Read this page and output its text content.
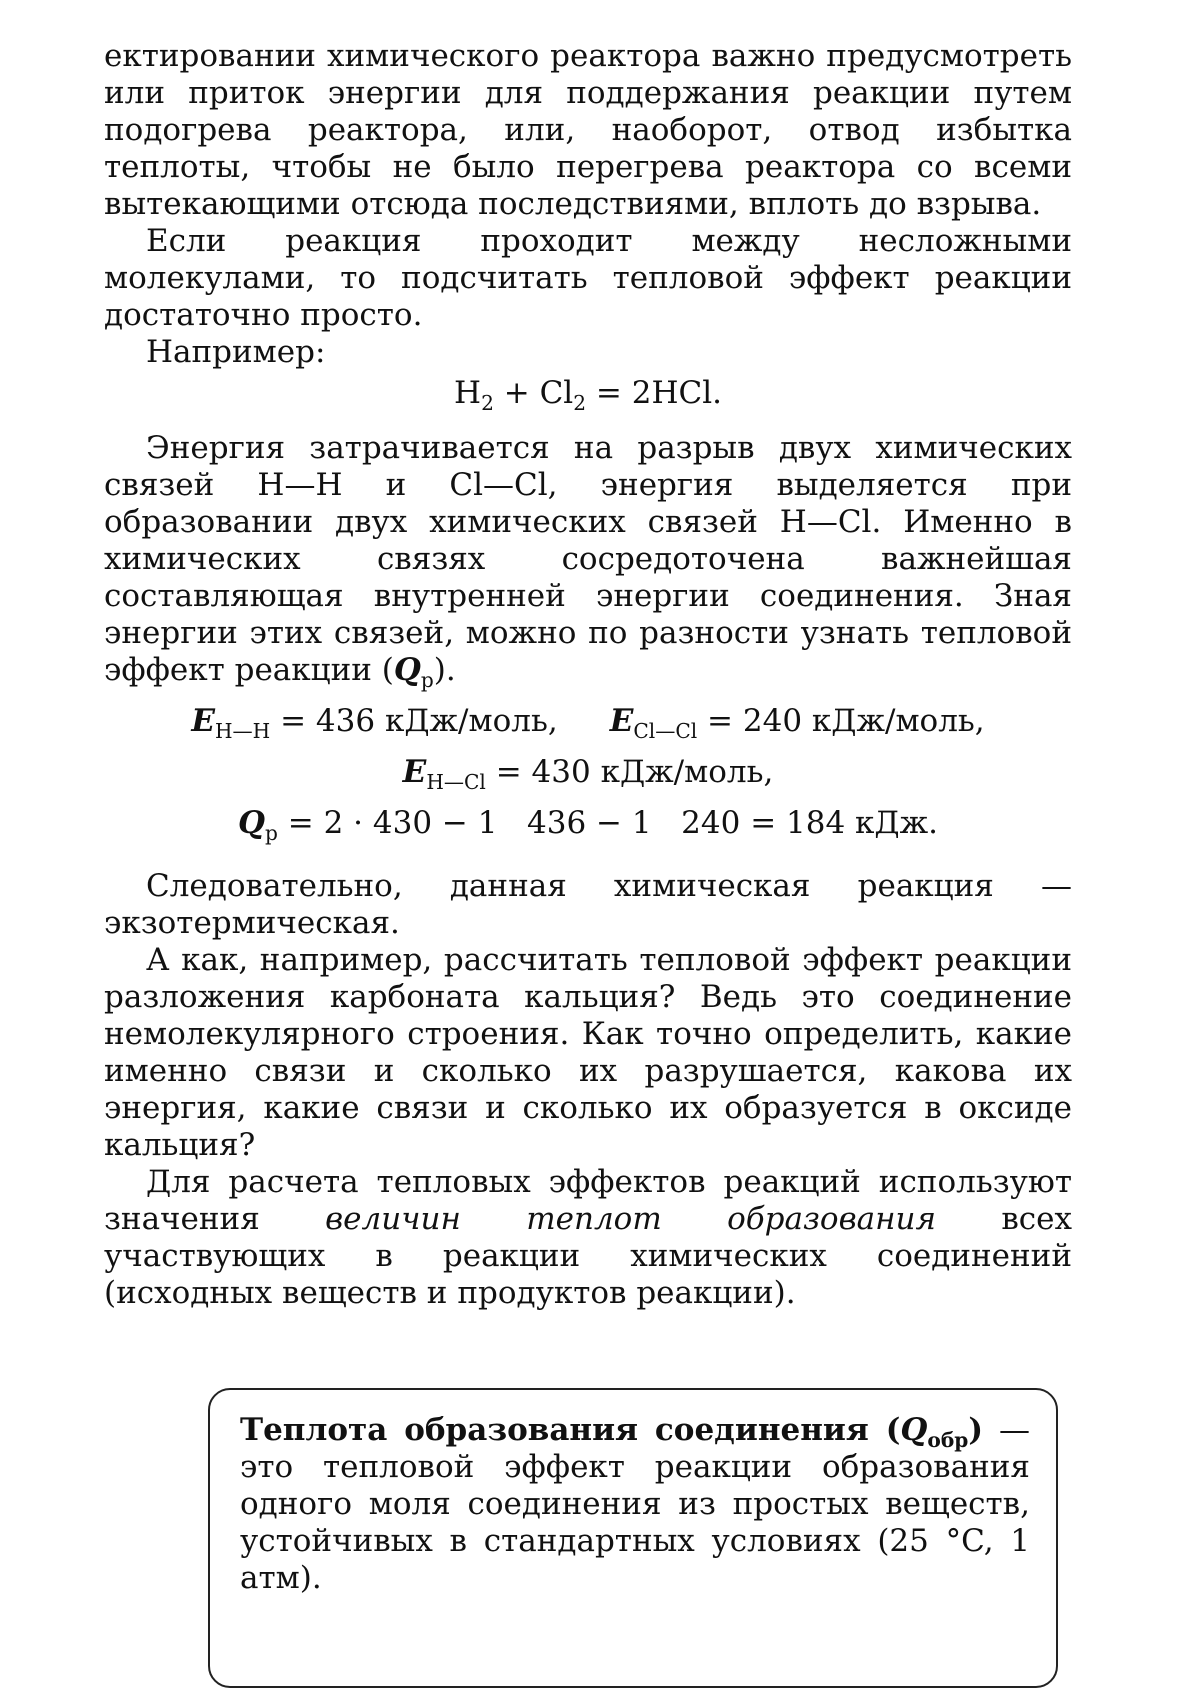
ектировании химического реактора важно предусмотреть или приток энергии для поддержания реакции путем подогрева реактора, или, наоборот, отвод избытка теплоты, чтобы не было перегрева реактора со всеми вытекающими отсюда последствиями, вплоть до взрыва.

Если реакция проходит между несложными молекулами, то подсчитать тепловой эффект реакции достаточно просто.

Например:

$H_2 + Cl_2 = 2HCl$.

Энергия затрачивается на разрыв двух химических связей H—H и Cl—Cl, энергия выделяется при образовании двух химических связей H—Cl. Именно в химических связях сосредоточена важнейшая составляющая внутренней энергии соединения. Зная энергии этих связей, можно по разности узнать тепловой эффект реакции $(Q_р)$.

$E_{H—H} = 436$ кДж/моль, $E_{Cl—Cl} = 240$ кДж/моль,

$E_{H—Cl} = 430$ кДж/моль,

$Q_р = 2 \cdot 430 - 1$   436 − 1   240 = 184 кДж.

Следовательно, данная химическая реакция — экзотермическая.

А как, например, рассчитать тепловой эффект реакции разложения карбоната кальция? Ведь это соединение немолекулярного строения. Как точно определить, какие именно связи и сколько их разрушается, какова их энергия, какие связи и сколько их образуется в оксиде кальция?

Для расчета тепловых эффектов реакций используют значения величин теплот образования всех участвующих в реакции химических соединений (исходных веществ и продуктов реакции).

Теплота образования соединения $(Q_{обр})$ — это тепловой эффект реакции образования одного моля соединения из простых веществ, устойчивых в стандартных условиях (25 °C, 1 атм).
